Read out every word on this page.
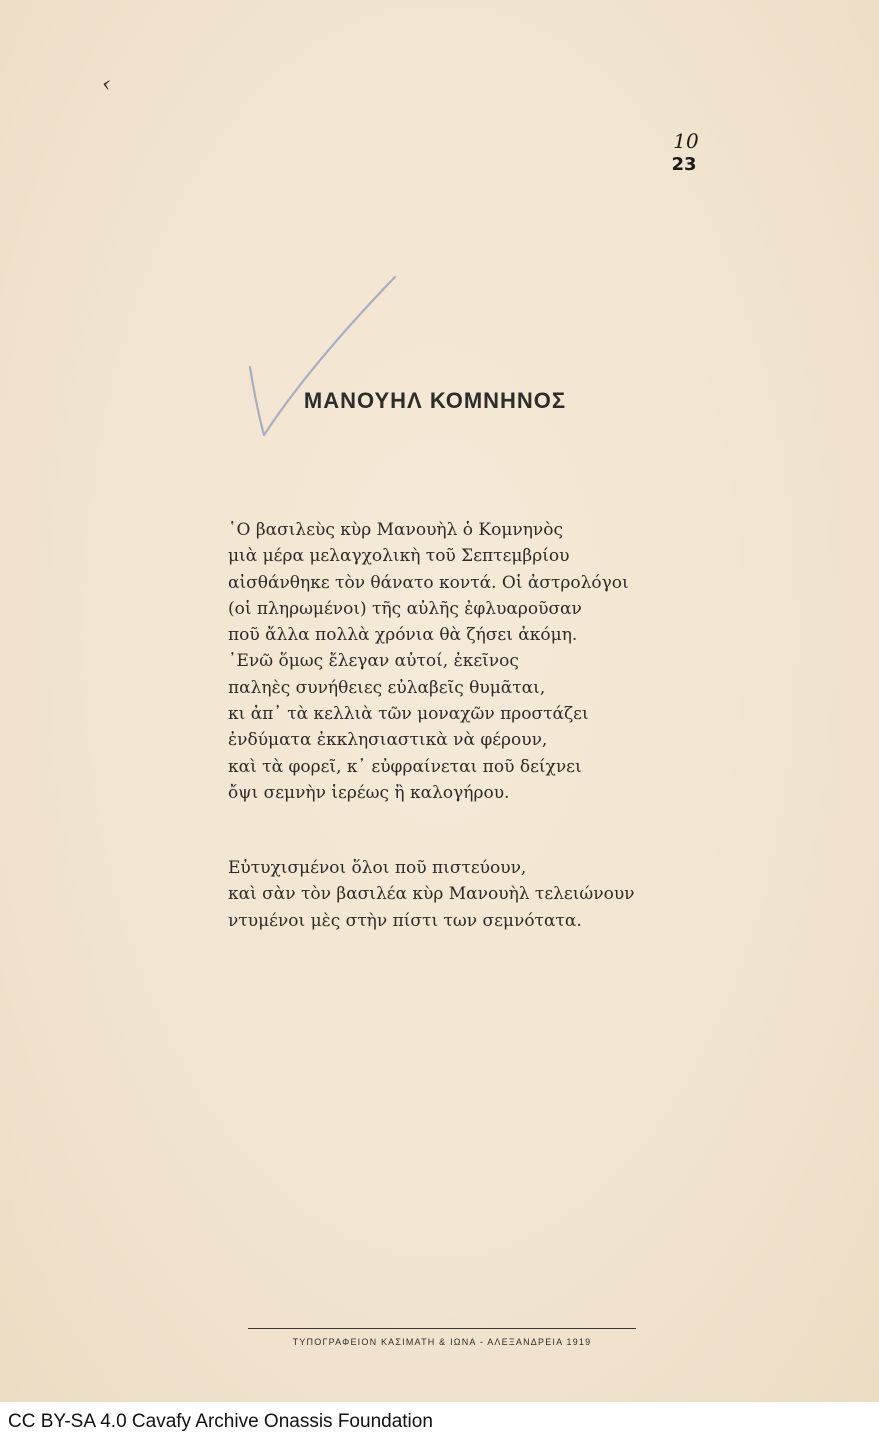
‹
10
23
ΜΑΝΟΥΗΛ ΚΟΜΝΗΝΟΣ
῾Ο βασιλεὺς κὺρ Μανουὴλ ὁ Κομνηνὸς
μιὰ μέρα μελαγχολικὴ τοῦ Σεπτεμβρίου
αἰσθάνθηκε τὸν θάνατο κοντά. Οἱ ἀστρολόγοι
(οἱ πληρωμένοι) τῆς αὐλῆς ἐφλυαροῦσαν
ποῦ ἄλλα πολλὰ χρόνια θὰ ζήσει ἀκόμη.
᾽Ενῶ ὅμως ἔλεγαν αὐτοί, ἐκεῖνος
παληὲς συνήθειες εὐλαβεῖς θυμᾶται,
κι ἀπ᾽ τὰ κελλιὰ τῶν μοναχῶν προστάζει
ἐνδύματα ἐκκλησιαστικὰ νὰ φέρουν,
καὶ τὰ φορεῖ, κ᾽ εὐφραίνεται ποῦ δείχνει
ὄψι σεμνὴν ἱερέως ἢ καλογήρου.
Εὐτυχισμένοι ὅλοι ποῦ πιστεύουν,
καὶ σὰν τὸν βασιλέα κὺρ Μανουὴλ τελειώνουν
ντυμένοι μὲς στὴν πίστι των σεμνότατα.
ΤΥΠΟΓΡΑΦΕΙΟΝ ΚΑΣΙΜΑΤΗ & ΙΩΝΑ - ΑΛΕΞΑΝΔΡΕΙΑ 1919
CC BY-SA 4.0 Cavafy Archive Onassis Foundation
